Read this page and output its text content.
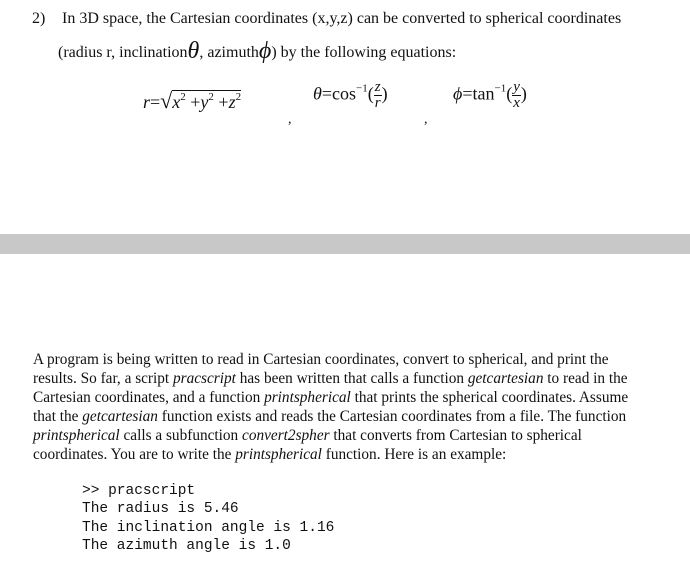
2) In 3D space, the Cartesian coordinates (x,y,z) can be converted to spherical coordinates
(radius r, inclinationθ, azimuthϕ) by the following equations:
$r=√x^2 +y^2 +z^2$
,
$\theta=\cos^{-1}( \frac{z}{r}$ )
,
$\phi=\tan^{-1}( \frac{y}{x}$ )

A program is being written to read in Cartesian coordinates, convert to spherical, and print the results. So far, a script pracscript has been written that calls a function getcartesian to read in the Cartesian coordinates, and a function printspherical that prints the spherical coordinates. Assume that the getcartesian function exists and reads the Cartesian coordinates from a file. The function printspherical calls a subfunction convert2spher that converts from Cartesian to spherical coordinates. You are to write the printspherical function. Here is an example:

>> pracscript
The radius is 5.46
The inclination angle is 1.16
The azimuth angle is 1.0
